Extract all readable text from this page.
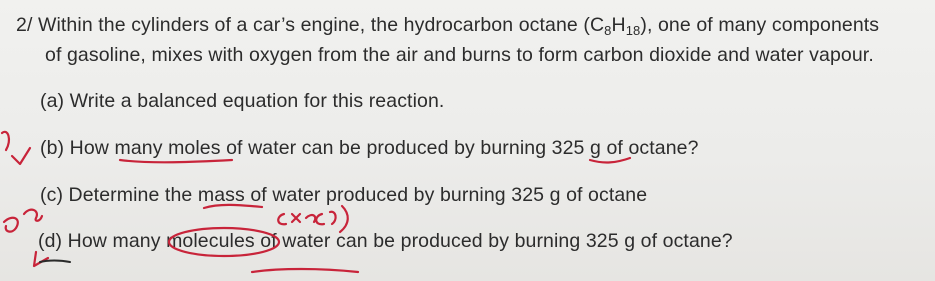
2/ Within the cylinders of a car’s engine, the hydrocarbon octane $(C_8H_{18})$, one of many components
of gasoline, mixes with oxygen from the air and burns to form carbon dioxide and water vapour.
(a) Write a balanced equation for this reaction.
(b) How many moles of water can be produced by burning 325 g of octane?
(c) Determine the mass of water produced by burning 325 g of octane
(d) How many molecules of water can be produced by burning 325 g of octane?
